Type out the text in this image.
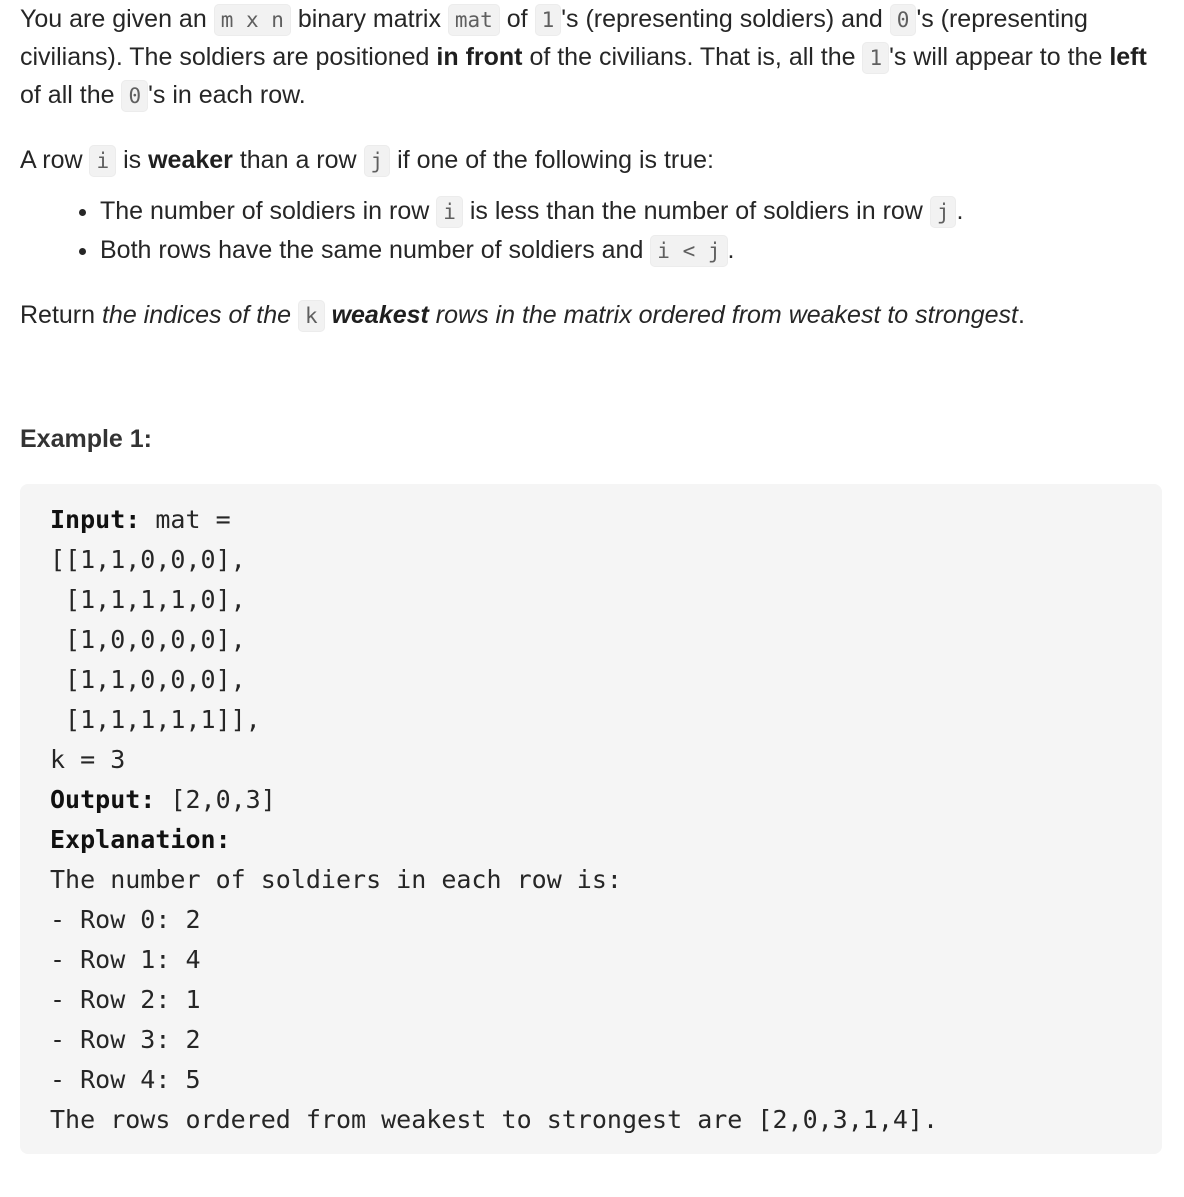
You are given an m x n binary matrix mat of 1 's (representing soldiers) and 0 's (representing civilians). The soldiers are positioned in front of the civilians. That is, all the 1 's will appear to the left of all the 0 's in each row.

A row i is weaker than a row j if one of the following is true:

• The number of soldiers in row i is less than the number of soldiers in row j .
• Both rows have the same number of soldiers and i < j .

Return the indices of the k weakest rows in the matrix ordered from weakest to strongest.

Example 1:

Input: mat =
[[1,1,0,0,0],
[1,1,1,1,0],
[1,0,0,0,0],
[1,1,0,0,0],
[1,1,1,1,1]],
k = 3
Output: [2,0,3]
Explanation:
The number of soldiers in each row is:
- Row 0: 2
- Row 1: 4
- Row 2: 1
- Row 3: 2
- Row 4: 5
The rows ordered from weakest to strongest are [2,0,3,1,4].
